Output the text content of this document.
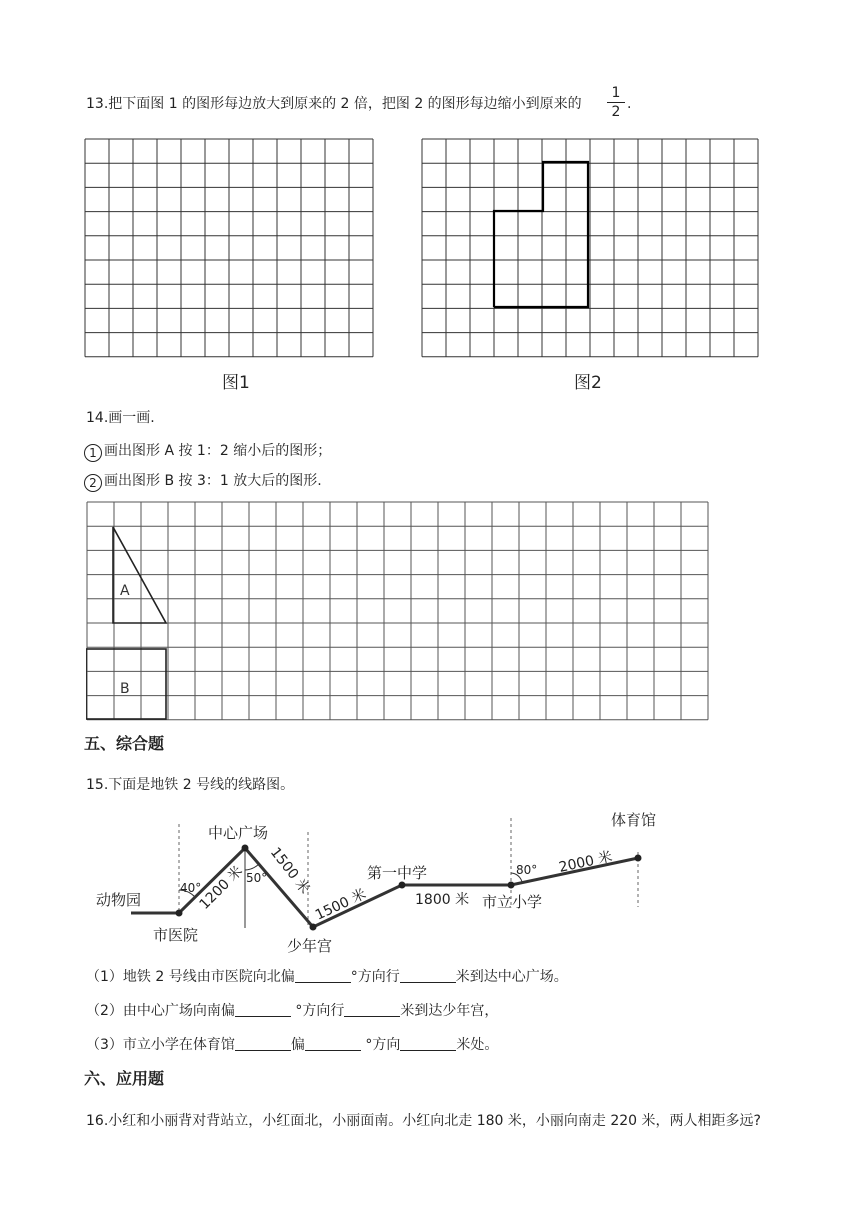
13.把下面图 1 的图形每边放大到原来的 2 倍，把图 2 的图形每边缩小到原来的
1
2 .
图1	图2
14.画一画.
1 画出图形 A 按 1：2 缩小后的图形；
2 画出图形 B 按 3：1 放大后的图形.
A
B
五、综合题
15.下面是地铁 2 号线的线路图。
动物园
市医院
中心广场
少年宫
第一中学
市立小学
体育馆
40°
50°
80°
1200 米 1500 米
1500 米	1800 米
2000 米
（1）地铁 2 号线由市医院向北偏	°方向行	米到达中心广场。
（2）由中心广场向南偏	°方向行	米到达少年宫，
（3）市立小学在体育馆	偏	°方向	米处。
六、应用题
16.小红和小丽背对背站立，小红面北，小丽面南。小红向北走 180 米，小丽向南走 220 米，两人相距多远?
